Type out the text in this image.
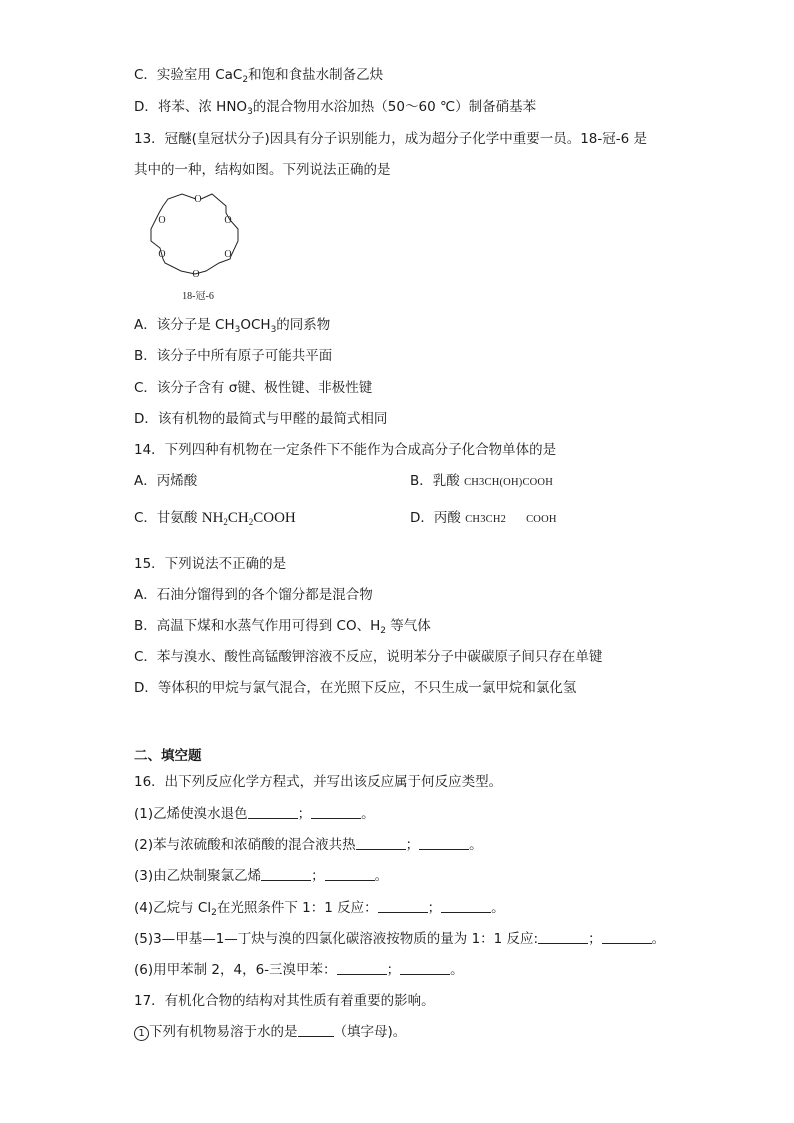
C．实验室用 CaC$_2$和饱和食盐水制备乙炔
D．将苯、浓 $HNO_3$的混合物用水浴加热（50～60 ℃）制备硝基苯
13．冠醚(皇冠状分子)因具有分子识别能力，成为超分子化学中重要一员。18-冠-6 是
其中的一种，结构如图。下列说法正确的是
O
O	O
O	O
O
18-冠-6
A．该分子是 $CH_3OCH_3$的同系物
B．该分子中所有原子可能共平面
C．该分子含有 σ键、极性键、非极性键
D．该有机物的最简式与甲醛的最简式相同
14．下列四种有机物在一定条件下不能作为合成高分子化合物单体的是
A．丙烯酸	B．乳酸 CH3CH(OH)COOH
C．甘氨酸 $NH_2CH_2COOH$	D．丙酸 CH3CH2 COOH
15．下列说法不正确的是
A．石油分馏得到的各个馏分都是混合物
B．高温下煤和水蒸气作用可得到 CO、$H_2$ 等气体
C．苯与溴水、酸性高锰酸钾溶液不反应，说明苯分子中碳碳原子间只存在单键
D．等体积的甲烷与氯气混合，在光照下反应，不只生成一氯甲烷和氯化氢
二、填空题
16．出下列反应化学方程式，并写出该反应属于何反应类型。
(1)乙烯使溴水退色	；	。
(2)苯与浓硫酸和浓硝酸的混合液共热	；	。
(3)由乙炔制聚氯乙烯	；	。
(4)乙烷与 $Cl_2$在光照条件下 1：1 反应：	；	。
(5)3—甲基—1—丁炔与溴的四氯化碳溶液按物质的量为 1：1 反应:	；	。
(6)用甲苯制 2，4，6-三溴甲苯：	；	。
17．有机化合物的结构对其性质有着重要的影响。
1 下列有机物易溶于水的是	（填字母)。
